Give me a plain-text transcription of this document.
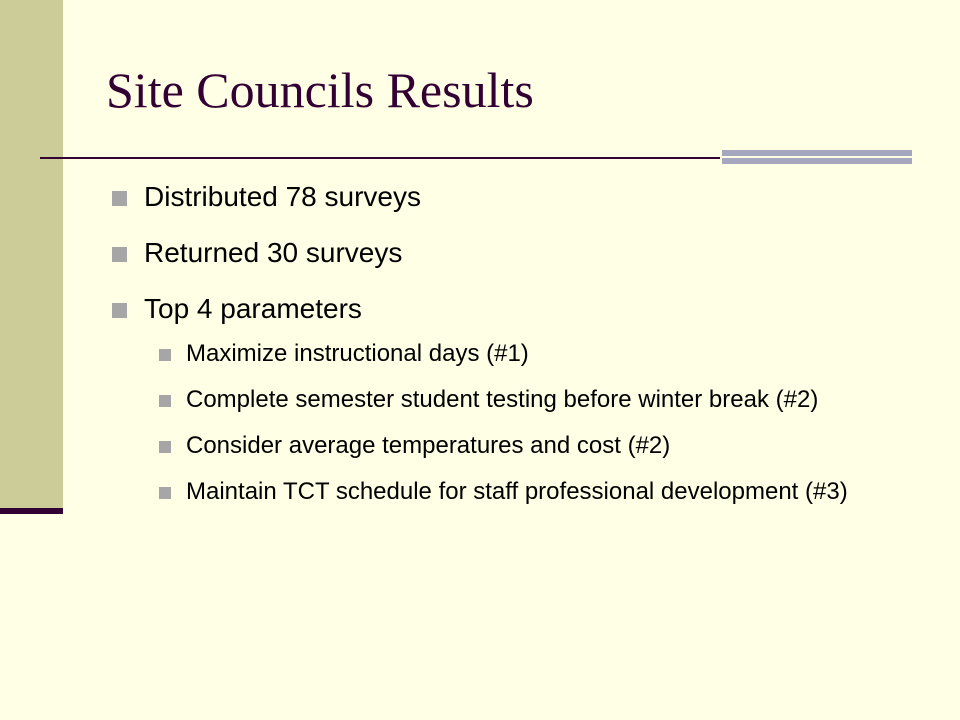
Site Councils Results
Distributed 78 surveys
Returned 30 surveys
Top 4 parameters
Maximize instructional days (#1)
Complete semester student testing before winter break (#2)
Consider average temperatures and cost (#2)
Maintain TCT schedule for staff professional development (#3)
